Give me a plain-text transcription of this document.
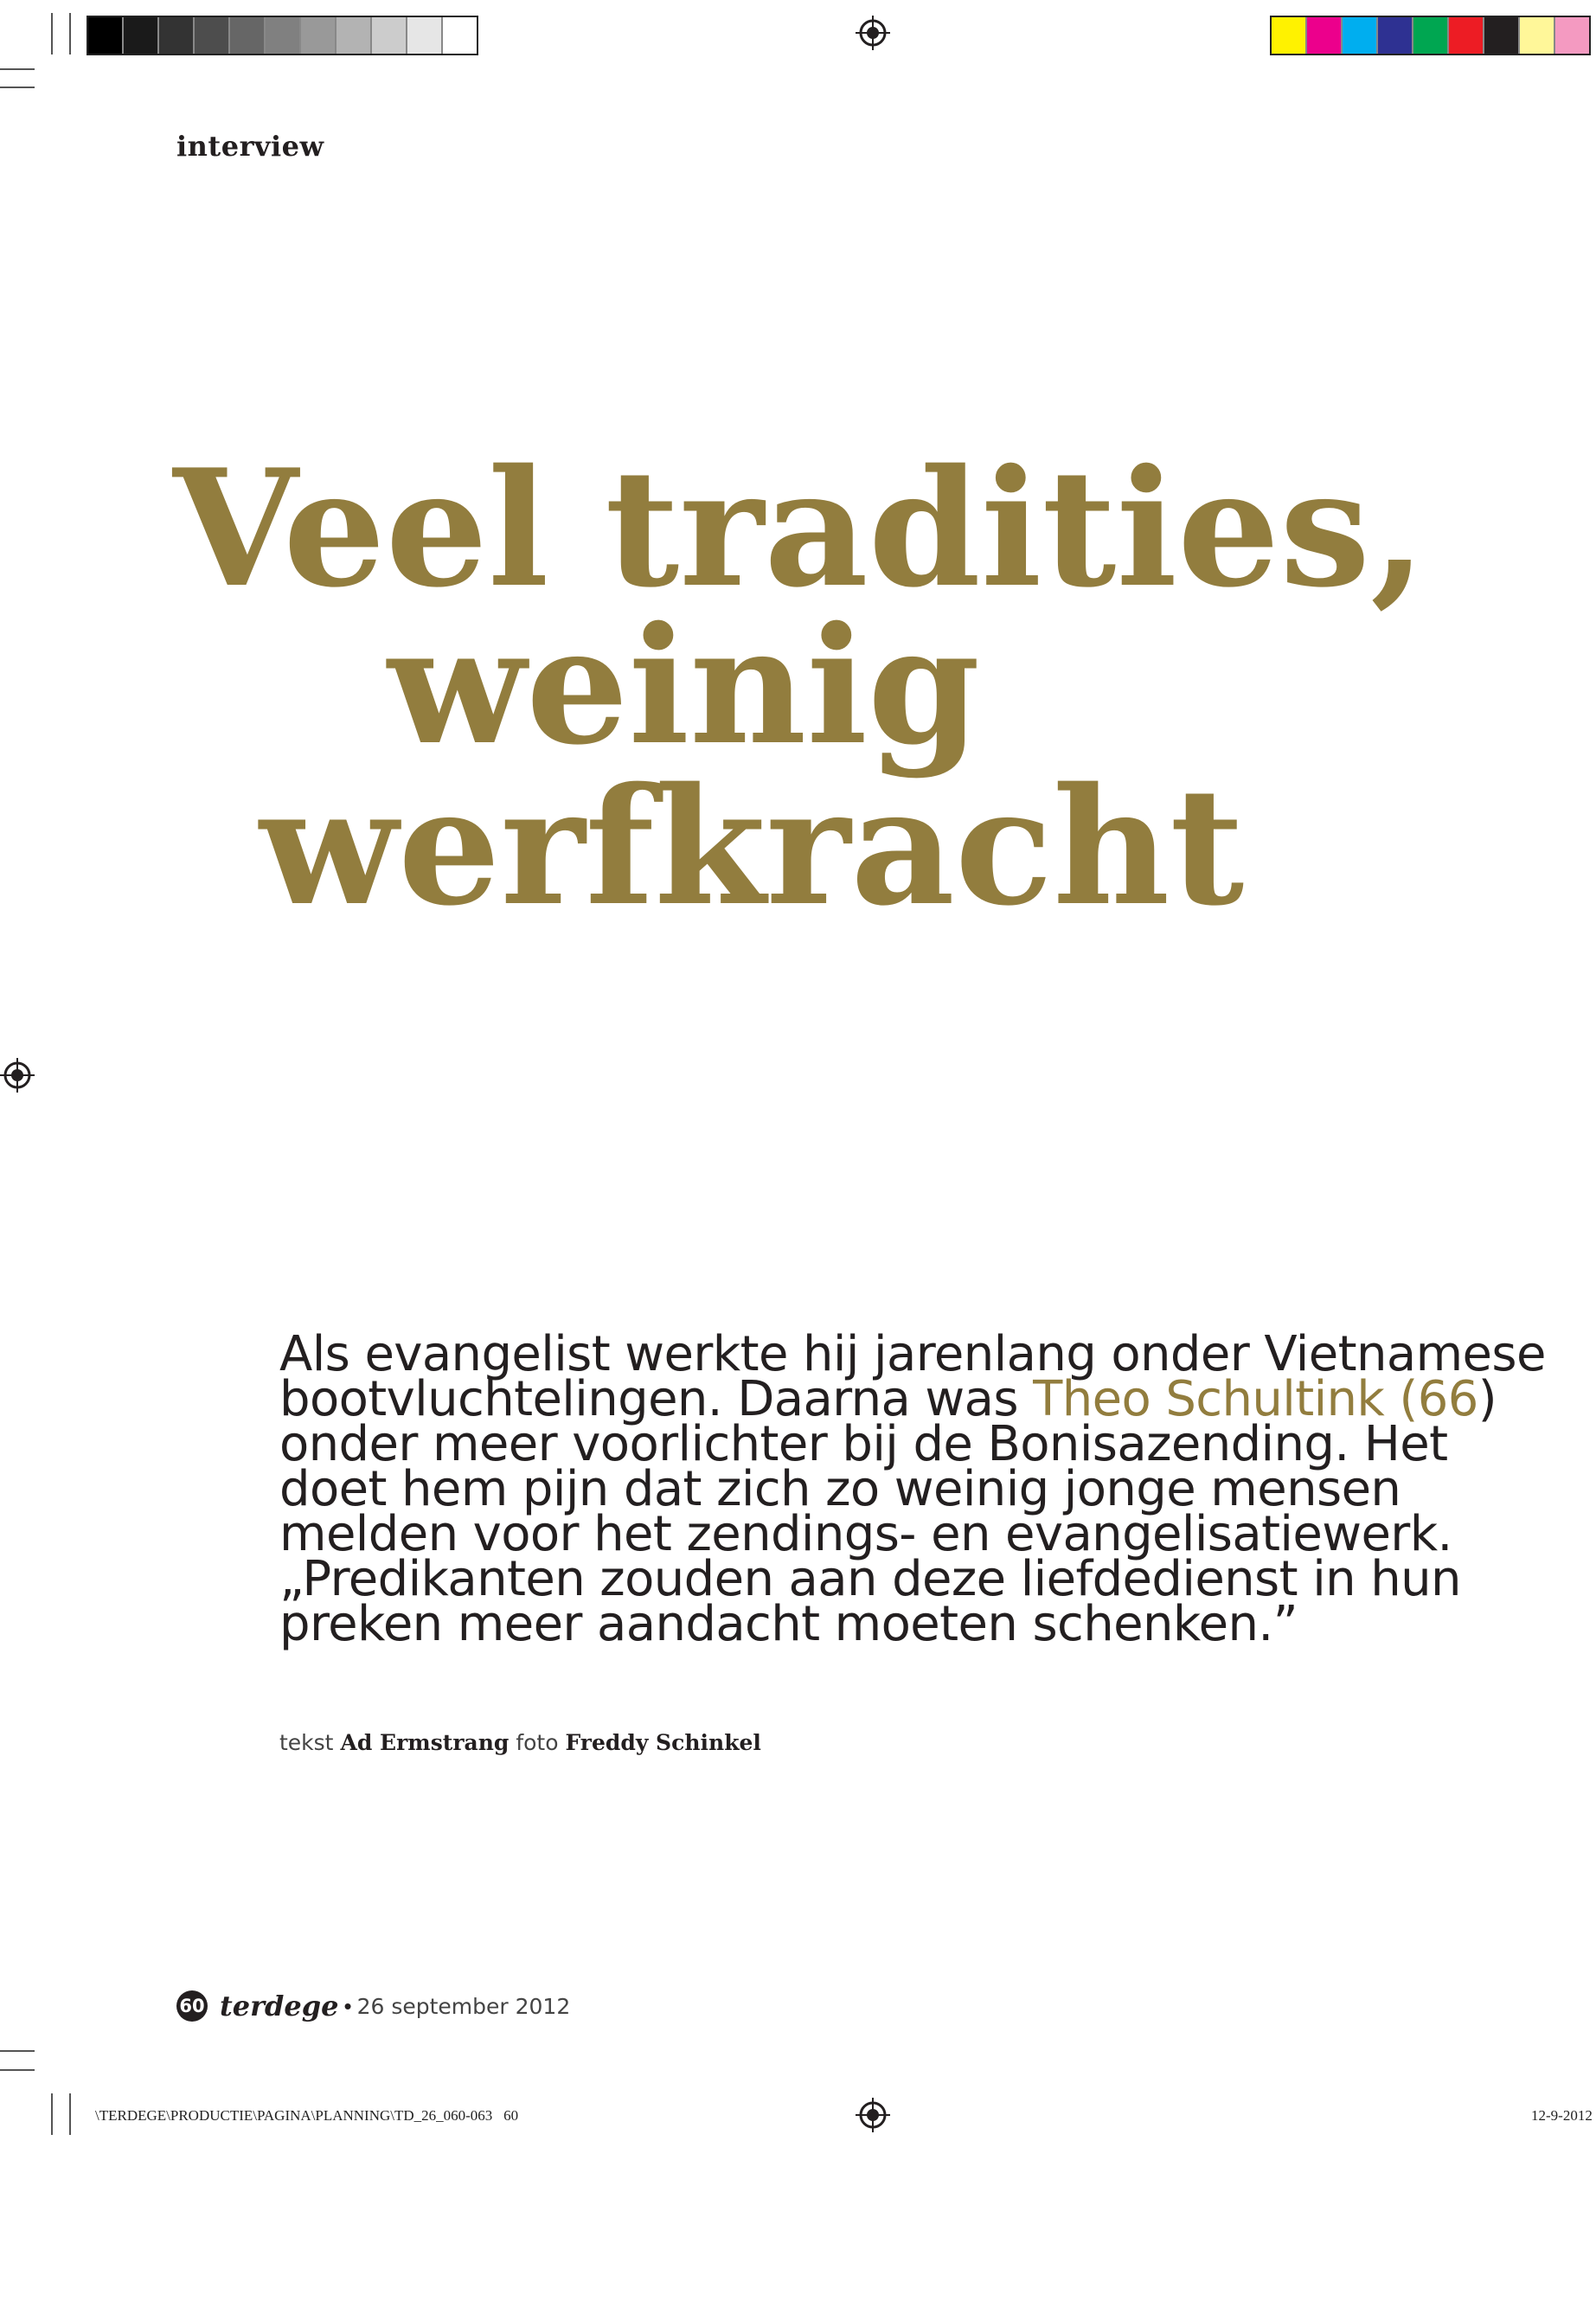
interview
Veel tradities,
weinig
werfkracht
Als evangelist werkte hij jarenlang onder Vietnamese
bootvluchtelingen. Daarna was Theo Schultink (66)
onder meer voorlichter bij de Bonisazending. Het
doet hem pijn dat zich zo weinig jonge mensen
melden voor het zendings- en evangelisatiewerk.
„Predikanten zouden aan deze liefdedienst in hun
preken meer aandacht moeten schenken.”
tekst Ad Ermstrang foto Freddy Schinkel
60 terdege • 26 september 2012
\TERDEGE\PRODUCTIE\PAGINA\PLANNING\TD_26_060-063 60	12-9-2012
